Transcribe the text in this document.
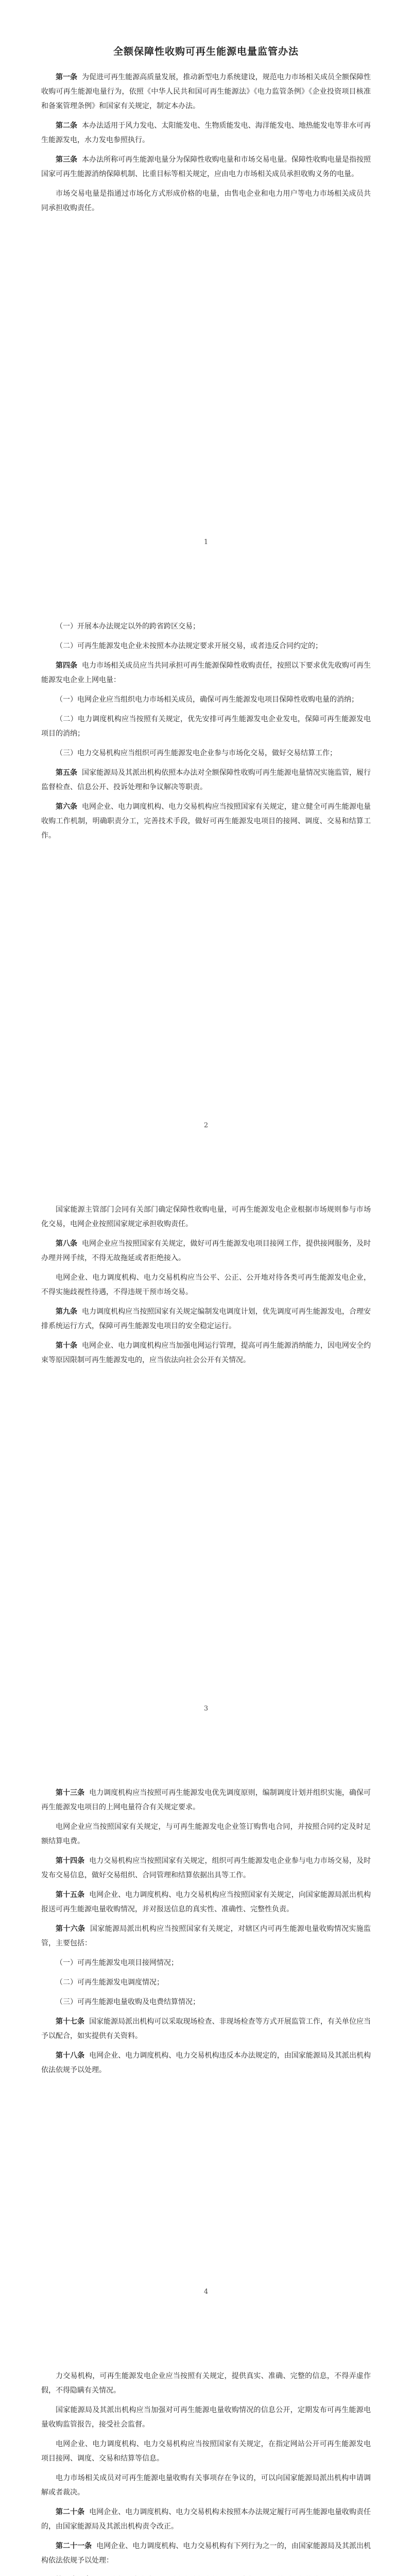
全额保障性收购可再生能源电量监管办法

第一条 为促进可再生能源高质量发展，推动新型电力系统建设，规范电力市场相关成员全额保障性收购可再生能源电量行为，依照《中华人民共和国可再生能源法》《电力监管条例》《企业投资项目核准和备案管理条例》和国家有关规定，制定本办法。

第二条 本办法适用于风力发电、太阳能发电、生物质能发电、海洋能发电、地热能发电等非水可再生能源发电，水力发电参照执行。

第三条 本办法所称可再生能源电量分为保障性收购电量和市场交易电量。保障性收购电量是指按照国家可再生能源消纳保障机制、比重目标等相关规定，应由电力市场相关成员承担收购义务的电量。

市场交易电量是指通过市场化方式形成价格的电量，由售电企业和电力用户等电力市场相关成员共同承担收购责任。

1

（一）开展本办法规定以外的跨省跨区交易；

（二）可再生能源发电企业未按照本办法规定要求开展交易，或者违反合同约定的；

第四条 电力市场相关成员应当共同承担可再生能源保障性收购责任，按照以下要求优先收购可再生能源发电企业上网电量：

（一）电网企业应当组织电力市场相关成员，确保可再生能源发电项目保障性收购电量的消纳；

（二）电力调度机构应当按照有关规定，优先安排可再生能源发电企业发电，保障可再生能源发电项目的消纳；

（三）电力交易机构应当组织可再生能源发电企业参与市场化交易，做好交易结算工作；

第五条 国家能源局及其派出机构依照本办法对全额保障性收购可再生能源电量情况实施监管，履行监督检查、信息公开、投诉处理和争议解决等职责。

第六条 电网企业、电力调度机构、电力交易机构应当按照国家有关规定，建立健全可再生能源电量收购工作机制，明确职责分工，完善技术手段，做好可再生能源发电项目的接网、调度、交易和结算工作。

2

国家能源主管部门会同有关部门确定保障性收购电量，可再生能源发电企业根据市场规则参与市场化交易，电网企业按照国家规定承担收购责任。

第八条 电网企业应当按照国家有关规定，做好可再生能源发电项目接网工作，提供接网服务，及时办理并网手续，不得无故拖延或者拒绝接入。

电网企业、电力调度机构、电力交易机构应当公平、公正、公开地对待各类可再生能源发电企业，不得实施歧视性待遇，不得违规干预市场交易。

第九条 电力调度机构应当按照国家有关规定编制发电调度计划，优先调度可再生能源发电，合理安排系统运行方式，保障可再生能源发电项目的安全稳定运行。

第十条 电网企业、电力调度机构应当加强电网运行管理，提高可再生能源消纳能力，因电网安全约束等原因限制可再生能源发电的，应当依法向社会公开有关情况。

3

第十三条 电力调度机构应当按照可再生能源发电优先调度原则，编制调度计划并组织实施，确保可再生能源发电项目的上网电量符合有关规定要求。

电网企业应当按照国家有关规定，与可再生能源发电企业签订购售电合同，并按照合同约定及时足额结算电费。

第十四条 电力交易机构应当按照国家有关规定，组织可再生能源发电企业参与电力市场交易，及时发布交易信息，做好交易组织、合同管理和结算依据出具等工作。

第十五条 电网企业、电力调度机构、电力交易机构应当按照国家有关规定，向国家能源局派出机构报送可再生能源电量收购情况，并对报送信息的真实性、准确性、完整性负责。

第十六条 国家能源局派出机构应当按照国家有关规定，对辖区内可再生能源电量收购情况实施监管，主要包括：

（一）可再生能源发电项目接网情况；

（二）可再生能源发电调度情况；

（三）可再生能源电量收购及电费结算情况；

第十七条 国家能源局派出机构可以采取现场检查、非现场检查等方式开展监管工作，有关单位应当予以配合，如实提供有关资料。

第十八条 电网企业、电力调度机构、电力交易机构违反本办法规定的，由国家能源局及其派出机构依法依规予以处理。

4

力交易机构，可再生能源发电企业应当按照有关规定，提供真实、准确、完整的信息，不得弄虚作假，不得隐瞒有关情况。

国家能源局及其派出机构应当加强对可再生能源电量收购情况的信息公开，定期发布可再生能源电量收购监管报告，接受社会监督。

电网企业、电力调度机构、电力交易机构应当按照国家有关规定，在指定网站公开可再生能源发电项目接网、调度、交易和结算等信息。

电力市场相关成员对可再生能源电量收购有关事项存在争议的，可以向国家能源局派出机构申请调解或者裁决。

第二十条 电网企业、电力调度机构、电力交易机构未按照本办法规定履行可再生能源电量收购责任的，由国家能源局及其派出机构责令改正。

第二十一条 电网企业、电力调度机构、电力交易机构有下列行为之一的，由国家能源局及其派出机构依法依规予以处理：
